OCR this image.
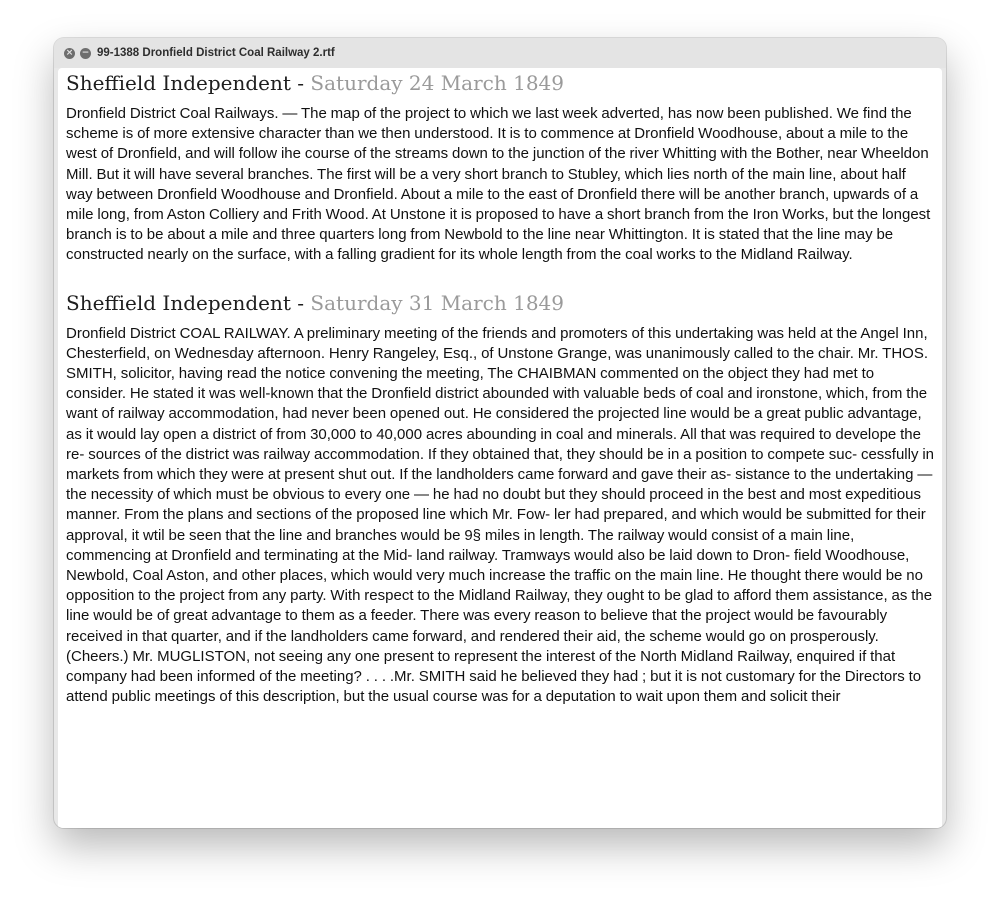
× − 99-1388 Dronfield District Coal Railway 2.rtf
Sheffield Independent - Saturday 24 March 1849

Dronfield District Coal Railways. — The map of the project to which we last week adverted, has now been published. We find the scheme is of more extensive character than we then understood. It is to commence at Dronfield Woodhouse, about a mile to the west of Dronfield, and will follow ihe course of the streams down to the junction of the river Whitting with the Bother, near Wheeldon Mill. But it will have several branches. The first will be a very short branch to Stubley, which lies north of the main line, about half way between Dronfield Woodhouse and Dronfield. About a mile to the east of Dronfield there will be another branch, upwards of a mile long, from Aston Colliery and Frith Wood. At Unstone it is proposed to have a short branch from the Iron Works, but the longest branch is to be about a mile and three quarters long from Newbold to the line near Whittington. It is stated that the line may be constructed nearly on the surface, with a falling gradient for its whole length from the coal works to the Midland Railway.

Sheffield Independent - Saturday 31 March 1849

Dronfield District COAL RAILWAY. A preliminary meeting of the friends and promoters of this undertaking was held at the Angel Inn, Chesterfield, on Wednesday afternoon. Henry Rangeley, Esq., of Unstone Grange, was unanimously called to the chair. Mr. THOS. SMITH, solicitor, having read the notice convening the meeting, The CHAIBMAN commented on the object they had met to consider. He stated it was well-known that the Dronfield district abounded with valuable beds of coal and ironstone, which, from the want of railway accommodation, had never been opened out. He considered the projected line would be a great public advantage, as it would lay open a district of from 30,000 to 40,000 acres abounding in coal and minerals. All that was required to develope the re- sources of the district was railway accommodation. If they obtained that, they should be in a position to compete suc- cessfully in markets from which they were at present shut out. If the landholders came forward and gave their as- sistance to the undertaking — the necessity of which must be obvious to every one — he had no doubt but they should proceed in the best and most expeditious manner. From the plans and sections of the proposed line which Mr. Fow- ler had prepared, and which would be submitted for their approval, it wtil be seen that the line and branches would be 9§ miles in length. The railway would consist of a main line, commencing at Dronfield and terminating at the Mid- land railway. Tramways would also be laid down to Dron- field Woodhouse, Newbold, Coal Aston, and other places, which would very much increase the traffic on the main line. He thought there would be no opposition to the project from any party. With respect to the Midland Railway, they ought to be glad to afford them assistance, as the line would be of great advantage to them as a feeder. There was every reason to believe that the project would be favourably received in that quarter, and if the landholders came forward, and rendered their aid, the scheme would go on prosperously. (Cheers.) Mr. MUGLISTON, not seeing any one present to represent the interest of the North Midland Railway, enquired if that company had been informed of the meeting? . . . .Mr. SMITH said he believed they had ; but it is not customary for the Directors to attend public meetings of this description, but the usual course was for a deputation to wait upon them and solicit their
